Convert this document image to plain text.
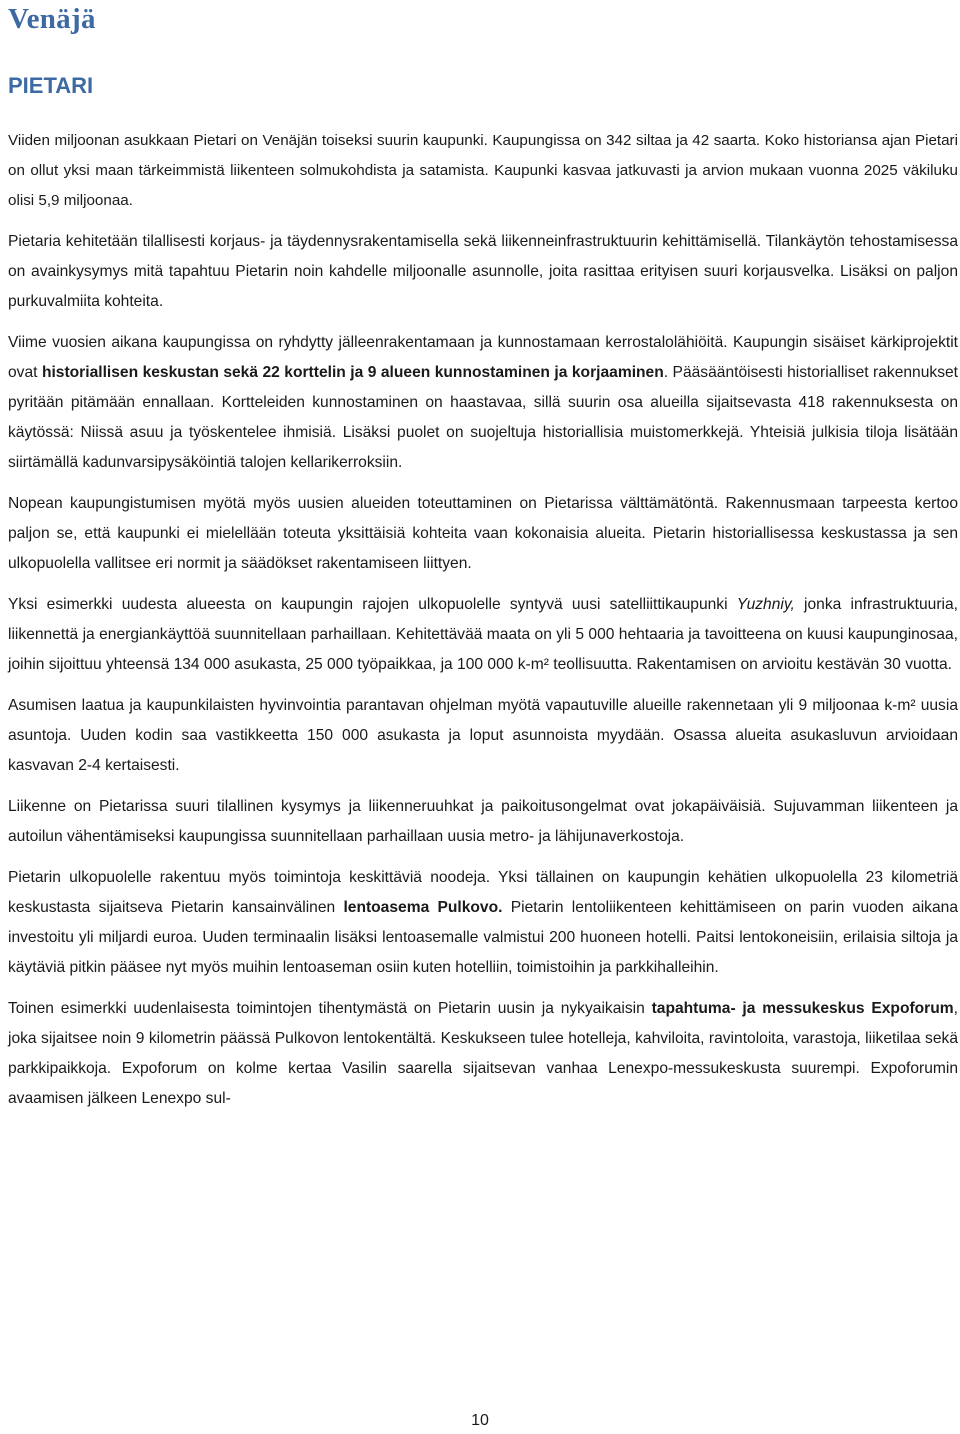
Venäjä
PIETARI

Viiden miljoonan asukkaan Pietari on Venäjän toiseksi suurin kaupunki. Kaupungissa on 342 siltaa ja 42 saarta. Koko historiansa ajan Pietari on ollut yksi maan tärkeimmistä liikenteen solmukohdista ja satamista. Kaupunki kasvaa jatkuvasti ja arvion mukaan vuonna 2025 väkiluku olisi 5,9 miljoonaa.

Pietaria kehitetään tilallisesti korjaus- ja täydennysrakentamisella sekä liikenneinfrastruktuurin kehittämisellä. Tilankäytön tehostamisessa on avainkysymys mitä tapahtuu Pietarin noin kahdelle miljoonalle asunnolle, joita rasittaa erityisen suuri korjausvelka. Lisäksi on paljon purkuvalmiita kohteita.

Viime vuosien aikana kaupungissa on ryhdytty jälleenrakentamaan ja kunnostamaan kerrostalolähiöitä. Kaupungin sisäiset kärkiprojektit ovat historiallisen keskustan sekä 22 korttelin ja 9 alueen kunnostaminen ja korjaaminen. Pääsääntöisesti historialliset rakennukset pyritään pitämään ennallaan. Kortteleiden kunnostaminen on haastavaa, sillä suurin osa alueilla sijaitsevasta 418 rakennuksesta on käytössä: Niissä asuu ja työskentelee ihmisiä. Lisäksi puolet on suojeltuja historiallisia muistomerkkejä. Yhteisiä julkisia tiloja lisätään siirtämällä kadunvarsipysäköintiä talojen kellarikerroksiin.

Nopean kaupungistumisen myötä myös uusien alueiden toteuttaminen on Pietarissa välttämätöntä. Rakennusmaan tarpeesta kertoo paljon se, että kaupunki ei mielellään toteuta yksittäisiä kohteita vaan kokonaisia alueita. Pietarin historiallisessa keskustassa ja sen ulkopuolella vallitsee eri normit ja säädökset rakentamiseen liittyen.

Yksi esimerkki uudesta alueesta on kaupungin rajojen ulkopuolelle syntyvä uusi satelliittikaupunki Yuzhniy, jonka infrastruktuuria, liikennettä ja energiankäyttöä suunnitellaan parhaillaan. Kehitettävää maata on yli 5 000 hehtaaria ja tavoitteena on kuusi kaupunginosaa, joihin sijoittuu yhteensä 134 000 asukasta, 25 000 työpaikkaa, ja 100 000 k-m² teollisuutta. Rakentamisen on arvioitu kestävän 30 vuotta.

Asumisen laatua ja kaupunkilaisten hyvinvointia parantavan ohjelman myötä vapautuville alueille rakennetaan yli 9 miljoonaa k-m² uusia asuntoja. Uuden kodin saa vastikkeetta 150 000 asukasta ja loput asunnoista myydään. Osassa alueita asukasluvun arvioidaan kasvavan 2-4 kertaisesti.

Liikenne on Pietarissa suuri tilallinen kysymys ja liikenneruuhkat ja paikoitusongelmat ovat jokapäiväisiä. Sujuvamman liikenteen ja autoilun vähentämiseksi kaupungissa suunnitellaan parhaillaan uusia metro- ja lähijunaverkostoja.

Pietarin ulkopuolelle rakentuu myös toimintoja keskittäviä noodeja. Yksi tällainen on kaupungin kehätien ulkopuolella 23 kilometriä keskustasta sijaitseva Pietarin kansainvälinen lentoasema Pulkovo. Pietarin lentoliikenteen kehittämiseen on parin vuoden aikana investoitu yli miljardi euroa. Uuden terminaalin lisäksi lentoasemalle valmistui 200 huoneen hotelli. Paitsi lentokoneisiin, erilaisia siltoja ja käytäviä pitkin pääsee nyt myös muihin lentoaseman osiin kuten hotelliin, toimistoihin ja parkkihalleihin.

Toinen esimerkki uudenlaisesta toimintojen tihentymästä on Pietarin uusin ja nykyaikaisin tapahtuma- ja messukeskus Expoforum, joka sijaitsee noin 9 kilometrin päässä Pulkovon lentokentältä. Keskukseen tulee hotelleja, kahviloita, ravintoloita, varastoja, liiketilaa sekä parkkipaikkoja. Expoforum on kolme kertaa Vasilin saarella sijaitsevan vanhaa Lenexpo-messukeskusta suurempi. Expoforumin avaamisen jälkeen Lenexpo sul-

10
